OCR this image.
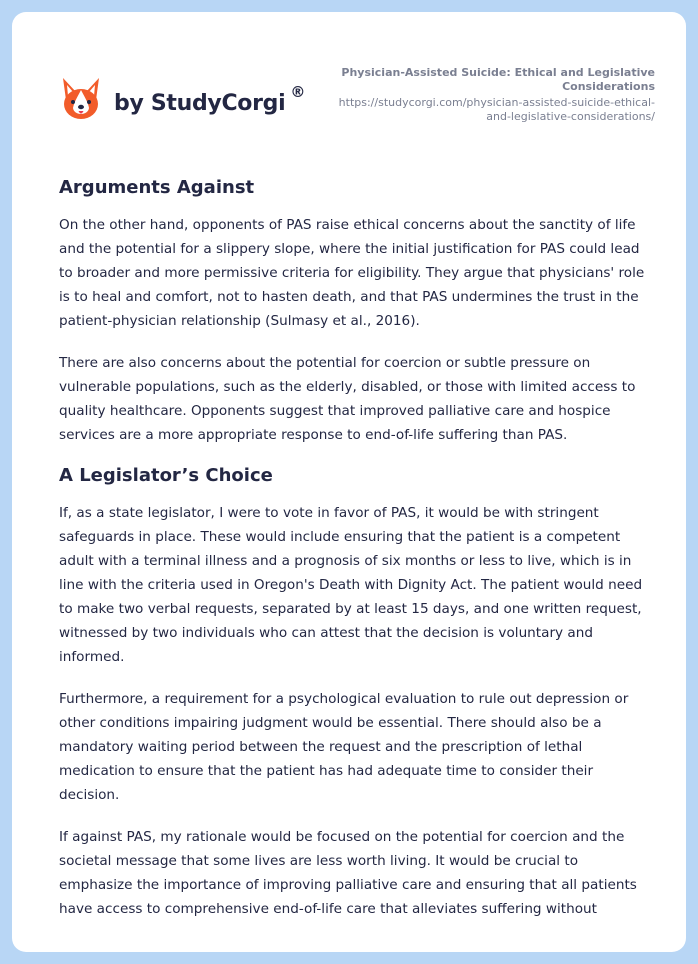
by StudyCorgi ®
Physician-Assisted Suicide: Ethical and Legislative
Considerations
https://studycorgi.com/physician-assisted-suicide-ethical-
and-legislative-considerations/
Arguments Against

On the other hand, opponents of PAS raise ethical concerns about the sanctity of life and the potential for a slippery slope, where the initial justification for PAS could lead to broader and more permissive criteria for eligibility. They argue that physicians' role is to heal and comfort, not to hasten death, and that PAS undermines the trust in the patient-physician relationship (Sulmasy et al., 2016).

There are also concerns about the potential for coercion or subtle pressure on vulnerable populations, such as the elderly, disabled, or those with limited access to quality healthcare. Opponents suggest that improved palliative care and hospice services are a more appropriate response to end-of-life suffering than PAS.

A Legislator’s Choice

If, as a state legislator, I were to vote in favor of PAS, it would be with stringent safeguards in place. These would include ensuring that the patient is a competent adult with a terminal illness and a prognosis of six months or less to live, which is in line with the criteria used in Oregon's Death with Dignity Act. The patient would need to make two verbal requests, separated by at least 15 days, and one written request, witnessed by two individuals who can attest that the decision is voluntary and informed.

Furthermore, a requirement for a psychological evaluation to rule out depression or other conditions impairing judgment would be essential. There should also be a mandatory waiting period between the request and the prescription of lethal medication to ensure that the patient has had adequate time to consider their decision.

If against PAS, my rationale would be focused on the potential for coercion and the societal message that some lives are less worth living. It would be crucial to emphasize the importance of improving palliative care and ensuring that all patients have access to comprehensive end-of-life care that alleviates suffering without
